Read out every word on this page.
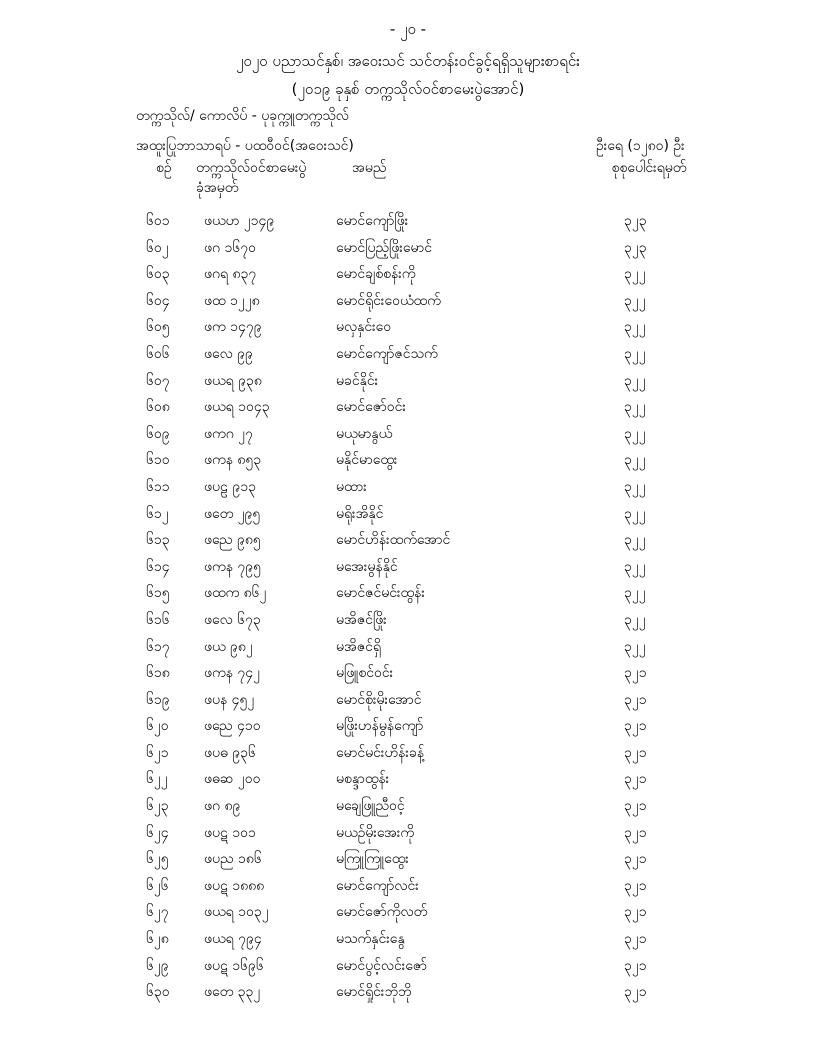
- ၂၀ -
၂၀၂၀ ပညာသင်နှစ်၊ အဝေးသင် သင်တန်းဝင်ခွင့်ရရှိသူများစာရင်း
(၂၀၁၉ ခုနှစ် တက္ကသိုလ်ဝင်စာမေးပွဲအောင်)
တက္ကသိုလ်/ ကောလိပ် - ပုခုက္ကူတက္ကသိုလ်
အထူးပြုဘာသာရပ် - ပထဝီဝင်(အဝေးသင်)	ဦးရေ (၁၂၈၀) ဦး
စဉ် တက္ကသိုလ်ဝင်စာမေးပွဲ
ခုံအမှတ်
အမည်	စုစုပေါင်းရမှတ်
၆၀၁ ဖယဟ ၂၁၄၉	မောင်ကျော်ဖြိုး	၃၂၃
၆၀၂	ဖဂ ၁၆၇၀	မောင်ပြည့်ဖြိုးမောင်	၃၂၃
၆၀၃ ဖဂရ ၈၃၇	မောင်ချစ်စန်းကို	၃၂၂
၆၀၄ ဖထ ၁၂၂၈	မောင်ရိုင်းဝေယံထက်	၃၂၂
၆၀၅ ဖက ၁၄၇၉	မလှနှင်းဝေ	၃၂၂
၆၀၆ ဖလေ ၉၉	မောင်ကျော်ဇင်သက်	၃၂၂
၆၀၇ ဖယရ ၉၃၈	မခင်နိုင်း	၃၂၂
၆၀၈ ဖယရ ၁၀၄၃	မောင်ဇော်ဝင်း	၃၂၂
၆၀၉ ဖကဂ ၂၇	မယုမာနွယ်	၃၂၂
၆၁၀ ဖကန ၈၅၃	မနိုင်မာထွေး	၃၂၂
၆၁၁ ဖပဠ ၉၁၃	မထား	၃၂၂
၆၁၂	ဖတေ ၂၉၅	မရိုးအိနိုင်	၃၂၂
၆၁၃ ဖညေ ၉၈၅	မောင်ဟိန်းထက်အောင်	၃၂၂
၆၁၄ ဖကန ၇၉၅	မအေးမွန်နိုင်	၃၂၂
၆၁၅ ဖထက ၈၆၂	မောင်ဇင်မင်းထွန်း	၃၂၂
၆၁၆ ဖလေ ၆၇၃	မအိဇင်ဖြိုး	၃၂၂
၆၁၇ ဖယ ၉၈၂	မအိဇင်ရှိ	၃၂၂
၆၁၈ ဖကန ၇၄၂	မဖြူစင်ဝင်း	၃၂၁
၆၁၉ ဖပန ၄၅၂	မောင်စိုးမိုးအောင်	၃၂၁
၆၂၀	ဖညေ ၄၁၀	မဖြိုးဟန်မွန်ကျော်	၃၂၁
၆၂၁	ဖပဓ ၉၃၆	မောင်မင်းဟိန်းခန့်	၃၂၁
၆၂၂	ဖဓဆ ၂၀၀	မစန္ဒာထွန်း	၃၂၁
၆၂၃	ဖဂ ၈၉	မချေဖြူညီဝင့်	၃၂၁
၆၂၄	ဖပဋ ၁၀၁	မယဉ်မိုးအေးကို	၃၂၁
၆၂၅	ဖပည ၁၈၆	မကြူကြူထွေး	၃၂၁
၆၂၆	ဖပဋ ၁၈၈၈	မောင်ကျော်လင်း	၃၂၁
၆၂၇	ဖယရ ၁၀၃၂	မောင်ဇော်ကိုလတ်	၃၂၁
၆၂၈	ဖယရ ၇၉၄	မသက်နှင်းနွေ	၃၂၁
၆၂၉	ဖပဋ ၁၆၉၆	မောင်ပွင့်လင်းဇော်	၃၂၁
၆၃၀ ဖတေ ၃၃၂	မောင်ရှိုင်းဘိုဘို	၃၂၁
